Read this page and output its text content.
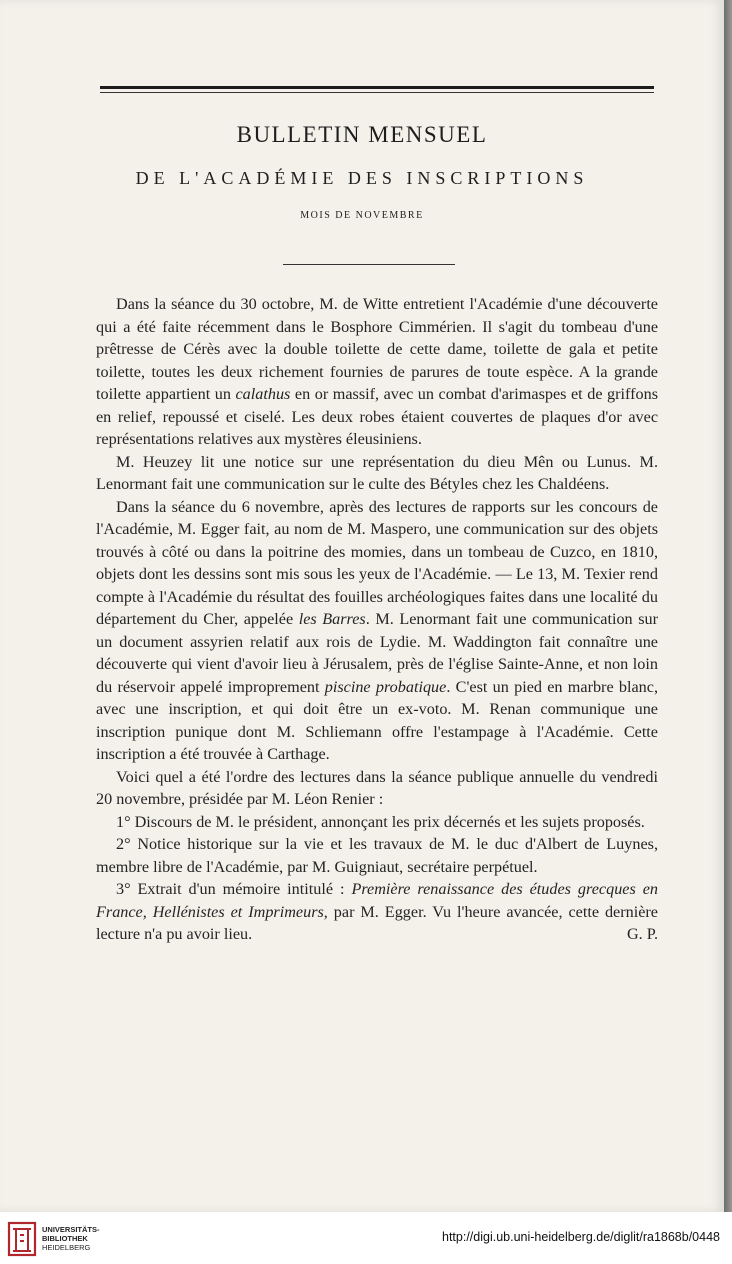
BULLETIN MENSUEL
DE L'ACADÉMIE DES INSCRIPTIONS
MOIS DE NOVEMBRE

Dans la séance du 30 octobre, M. de Witte entretient l'Académie d'une découverte qui a été faite récemment dans le Bosphore Cimmérien. Il s'agit du tombeau d'une prêtresse de Cérès avec la double toilette de cette dame, toilette de gala et petite toilette, toutes les deux richement fournies de parures de toute espèce. A la grande toilette appartient un calathus en or massif, avec un combat d'arimaspes et de griffons en relief, repoussé et ciselé. Les deux robes étaient couvertes de plaques d'or avec représentations relatives aux mystères éleusiniens.

M. Heuzey lit une notice sur une représentation du dieu Mên ou Lunus. M. Lenormant fait une communication sur le culte des Bétyles chez les Chaldéens.

Dans la séance du 6 novembre, après des lectures de rapports sur les concours de l'Académie, M. Egger fait, au nom de M. Maspero, une communication sur des objets trouvés à côté ou dans la poitrine des momies, dans un tombeau de Cuzco, en 1810, objets dont les dessins sont mis sous les yeux de l'Académie. — Le 13, M. Texier rend compte à l'Académie du résultat des fouilles archéologiques faites dans une localité du département du Cher, appelée les Barres. M. Lenormant fait une communication sur un document assyrien relatif aux rois de Lydie. M. Waddington fait connaître une découverte qui vient d'avoir lieu à Jérusalem, près de l'église Sainte-Anne, et non loin du réservoir appelé improprement piscine probatique. C'est un pied en marbre blanc, avec une inscription, et qui doit être un ex-voto. M. Renan communique une inscription punique dont M. Schliemann offre l'estampage à l'Académie. Cette inscription a été trouvée à Carthage.

Voici quel a été l'ordre des lectures dans la séance publique annuelle du vendredi 20 novembre, présidée par M. Léon Renier :

1° Discours de M. le président, annonçant les prix décernés et les sujets proposés.

2° Notice historique sur la vie et les travaux de M. le duc d'Albert de Luynes, membre libre de l'Académie, par M. Guigniaut, secrétaire perpétuel.

3° Extrait d'un mémoire intitulé : Première renaissance des études grecques en France, Hellénistes et Imprimeurs, par M. Egger. Vu l'heure avancée, cette dernière lecture n'a pu avoir lieu.	G. P.

UNIVERSITÄTS-
BIBLIOTHEK
HEIDELBERG
http://digi.ub.uni-heidelberg.de/diglit/ra1868b/0448
